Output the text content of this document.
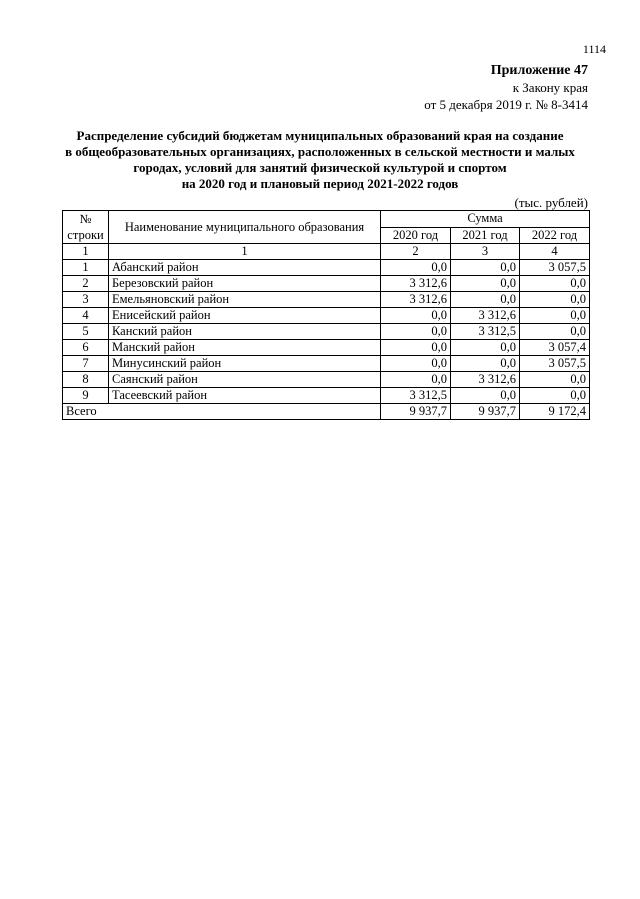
1114
Приложение 47
к Закону края
от 5 декабря 2019 г. № 8-3414
Распределение субсидий бюджетам муниципальных образований края на создание
в общеобразовательных организациях, расположенных в сельской местности и малых
городах, условий для занятий физической культурой и спортом
на 2020 год и плановый период 2021-2022 годов
(тыс. рублей)
№
строки	Наименование муниципального образования	Сумма		
		2020 год	2021 год	2022 год
1	1	2	3	4
1	Абанский район	0,0	0,0	3 057,5
2	Березовский район	3 312,6	0,0	0,0
3	Емельяновский район	3 312,6	0,0	0,0
4	Енисейский район	0,0	3 312,6	0,0
5	Канский район	0,0	3 312,5	0,0
6	Манский район	0,0	0,0	3 057,4
7	Минусинский район	0,0	0,0	3 057,5
8	Саянский район	0,0	3 312,6	0,0
9	Тасеевский район	3 312,5	0,0	0,0
Всего		9 937,7	9 937,7	9 172,4
